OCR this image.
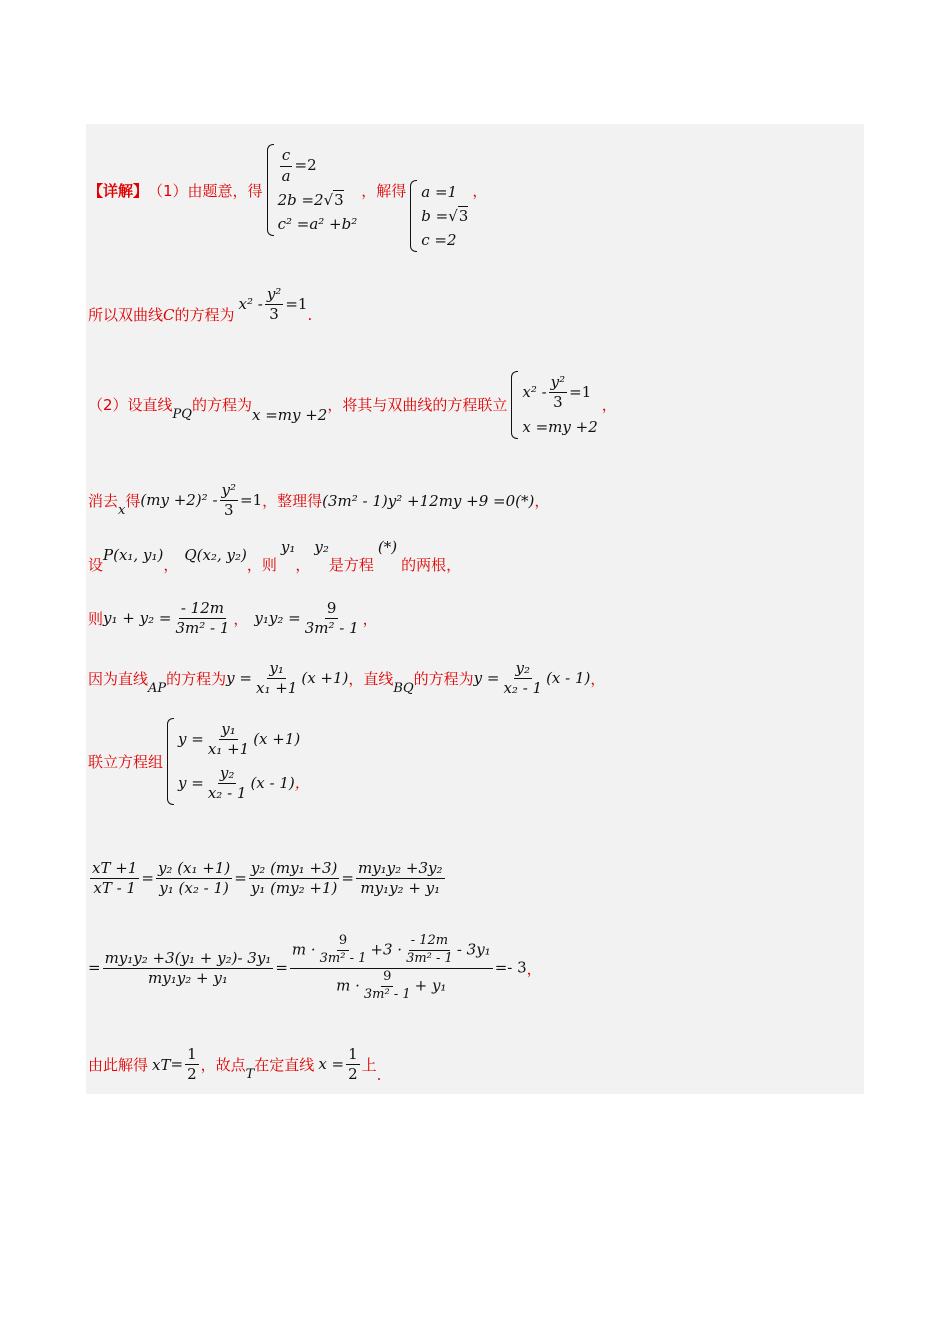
【详解】 （1）由题意，得
$\frac{c}{a} =2$
2b =2√3
c² =a² +b²
，解得 a =1
b =√3
c =2
，
所以双曲线 C 的方程为
$x^2 - \frac{\text{y²}}{3} =1$
.
（2）设直线
PQ
的方程为
x =my +2
，将其与双曲线的方程联立
$x^2 - \frac{\text{y²}}{3} =1$
x =my +2
，
消去
x
得 $(my +2)^2 - \frac{\text{y²}}{3} =1$ ，整理得 (3m² - 1)y² +12my +9 =0(*) ，
设
P(x₁, y₁)
，
Q(x₂, y₂)
，则
y₁
，
y₂
是方程
(*)
的两根，
则 $y_1 + y_2 = \frac{- 12m}{\text{3m² - 1}}$ ， $y_1y_2 = \frac{9}{\text{3m² - 1}}$ ，
因为直线
AP
的方程为 $y = \frac{\text{y₁}}{\text{x₁ +1}} (x +1)$ ，直线
BQ
的方程为 $y = \frac{\text{y₂}}{\text{x₂ - 1}} (x - 1)$ ，
联立方程组
$y = \frac{\text{y₁}}{\text{x₁ +1}} (x +1)$
$y = \frac{\text{y₂}}{\text{x₂ - 1}} (x - 1)$，
$\frac{xT +1}{xT - 1} = \frac{\text{y₂ (x₁ +1)}}{\text{y₁ (x₂ - 1)}} = \frac{\text{y₂ (my₁ +3)}}{\text{y₁ (my₂ +1)}} = \frac{\text{my₁y₂ +3y₂}}{\text{my₁y₂ + y₁}}$
= $\frac{\text{my₁y₂ +3(y₁ + y₂)- 3y₁}}{\text{my₁y₂ + y₁}} = \frac{m \cdot \frac{9}{\text{3m² - 1}} +3 \cdot \frac{- 12m}{\text{3m² - 1}} - 3y_1}{m \cdot \frac{9}{\text{3m² - 1}} + y_1} =- 3$ ，
由此解得 xT = $\frac{1}{2}$ ，故点
T
在定直线 $x = \frac{1}{2}$ 上
.
